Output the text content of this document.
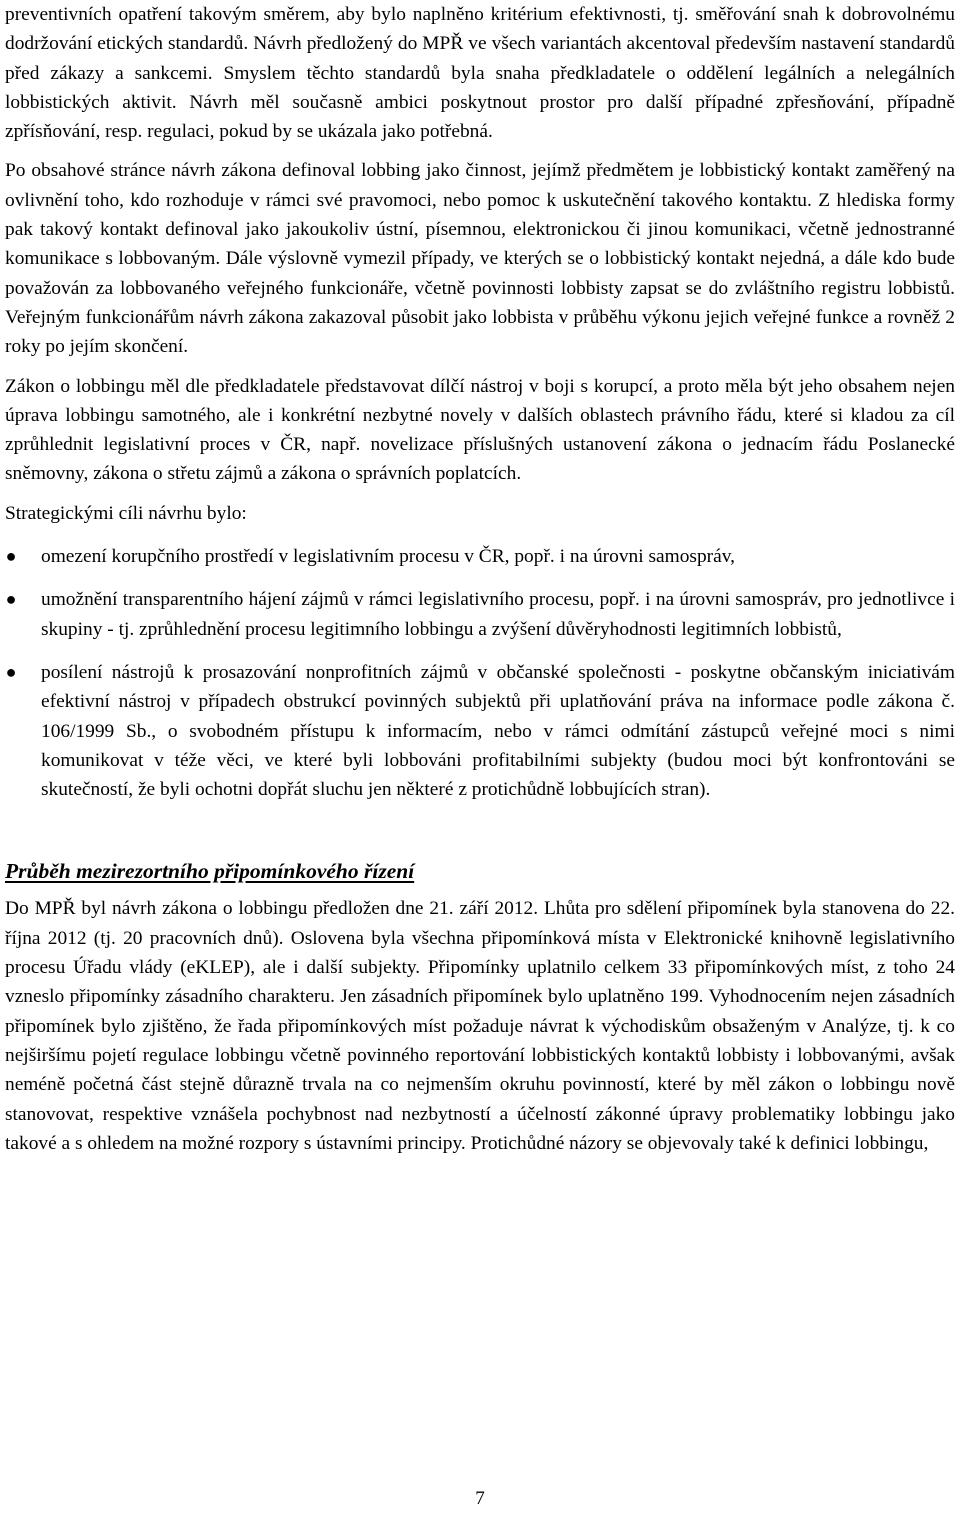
preventivních opatření takovým směrem, aby bylo naplněno kritérium efektivnosti, tj. směřování snah k dobrovolnému dodržování etických standardů. Návrh předložený do MPŘ ve všech variantách akcentoval především nastavení standardů před zákazy a sankcemi. Smyslem těchto standardů byla snaha předkladatele o oddělení legálních a nelegálních lobbistických aktivit. Návrh měl současně ambici poskytnout prostor pro další případné zpřesňování, případně zpřísňování, resp. regulaci, pokud by se ukázala jako potřebná.

Po obsahové stránce návrh zákona definoval lobbing jako činnost, jejímž předmětem je lobbistický kontakt zaměřený na ovlivnění toho, kdo rozhoduje v rámci své pravomoci, nebo pomoc k uskutečnění takového kontaktu. Z hlediska formy pak takový kontakt definoval jako jakoukoliv ústní, písemnou, elektronickou či jinou komunikaci, včetně jednostranné komunikace s lobbovaným. Dále výslovně vymezil případy, ve kterých se o lobbistický kontakt nejedná, a dále kdo bude považován za lobbovaného veřejného funkcionáře, včetně povinnosti lobbisty zapsat se do zvláštního registru lobbistů. Veřejným funkcionářům návrh zákona zakazoval působit jako lobbista v průběhu výkonu jejich veřejné funkce a rovněž 2 roky po jejím skončení.

Zákon o lobbingu měl dle předkladatele představovat dílčí nástroj v boji s korupcí, a proto měla být jeho obsahem nejen úprava lobbingu samotného, ale i konkrétní nezbytné novely v dalších oblastech právního řádu, které si kladou za cíl zprůhlednit legislativní proces v ČR, např. novelizace příslušných ustanovení zákona o jednacím řádu Poslanecké sněmovny, zákona o střetu zájmů a zákona o správních poplatcích.

Strategickými cíli návrhu bylo:

● omezení korupčního prostředí v legislativním procesu v ČR, popř. i na úrovni samospráv,
● umožnění transparentního hájení zájmů v rámci legislativního procesu, popř. i na úrovni samospráv, pro jednotlivce i skupiny - tj. zprůhlednění procesu legitimního lobbingu a zvýšení důvěryhodnosti legitimních lobbistů,
● posílení nástrojů k prosazování nonprofitních zájmů v občanské společnosti - poskytne občanským iniciativám efektivní nástroj v případech obstrukcí povinných subjektů při uplatňování práva na informace podle zákona č. 106/1999 Sb., o svobodném přístupu k informacím, nebo v rámci odmítání zástupců veřejné moci s nimi komunikovat v téže věci, ve které byli lobbováni profitabilními subjekty (budou moci být konfrontováni se skutečností, že byli ochotni dopřát sluchu jen některé z protichůdně lobbujících stran).
Průběh mezirezortního připomínkového řízení

Do MPŘ byl návrh zákona o lobbingu předložen dne 21. září 2012. Lhůta pro sdělení připomínek byla stanovena do 22. října 2012 (tj. 20 pracovních dnů). Oslovena byla všechna připomínková místa v Elektronické knihovně legislativního procesu Úřadu vlády (eKLEP), ale i další subjekty. Připomínky uplatnilo celkem 33 připomínkových míst, z toho 24 vzneslo připomínky zásadního charakteru. Jen zásadních připomínek bylo uplatněno 199. Vyhodnocením nejen zásadních připomínek bylo zjištěno, že řada připomínkových míst požaduje návrat k východiskům obsaženým v Analýze, tj. k co nejširšímu pojetí regulace lobbingu včetně povinného reportování lobbistických kontaktů lobbisty i lobbovanými, avšak neméně početná část stejně důrazně trvala na co nejmenším okruhu povinností, které by měl zákon o lobbingu nově stanovovat, respektive vznášela pochybnost nad nezbytností a účelností zákonné úpravy problematiky lobbingu jako takové a s ohledem na možné rozpory s ústavními principy. Protichůdné názory se objevovaly také k definici lobbingu,

7
